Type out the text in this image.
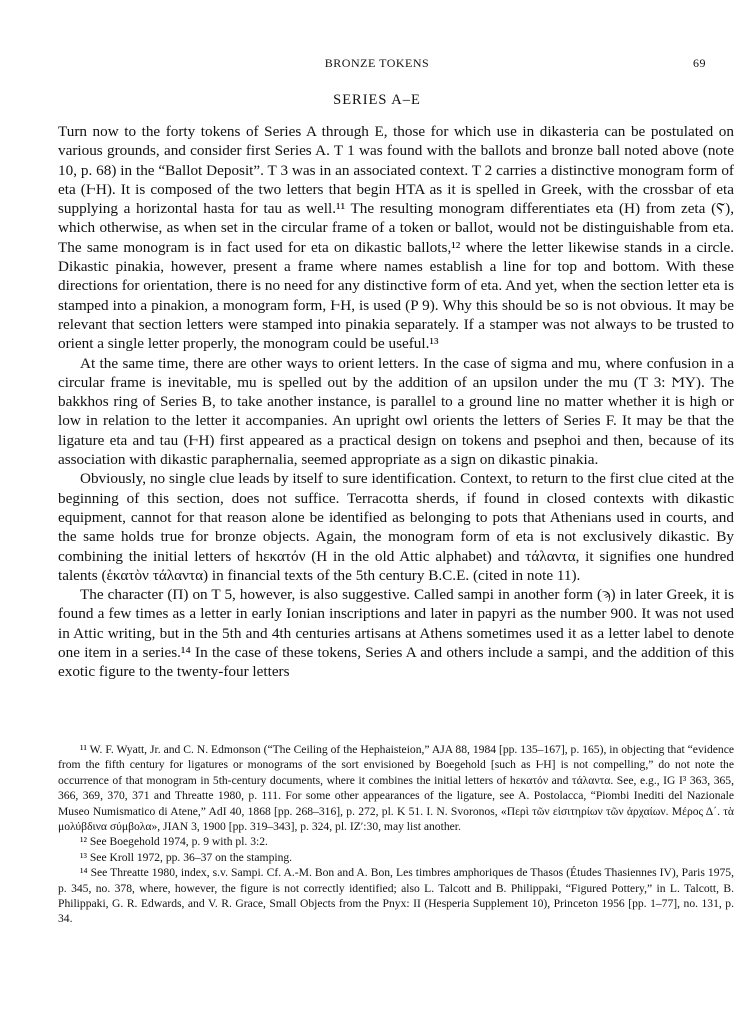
BRONZE TOKENS	69
SERIES A–E

Turn now to the forty tokens of Series A through E, those for which use in dikasteria can be postulated on various grounds, and consider first Series A. T 1 was found with the ballots and bronze ball noted above (note 10, p. 68) in the “Ballot Deposit”. T 3 was in an associated context. T 2 carries a distinctive monogram form of eta (ⱵΗ). It is composed of the two letters that begin HTA as it is spelled in Greek, with the crossbar of eta supplying a horizontal hasta for tau as well.¹¹ The resulting monogram differentiates eta (H) from zeta (Ⲋ), which otherwise, as when set in the circular frame of a token or ballot, would not be distinguishable from eta. The same monogram is in fact used for eta on dikastic ballots,¹² where the letter likewise stands in a circle. Dikastic pinakia, however, present a frame where names establish a line for top and bottom. With these directions for orientation, there is no need for any distinctive form of eta. And yet, when the section letter eta is stamped into a pinakion, a monogram form, ⱵΗ, is used (P 9). Why this should be so is not obvious. It may be relevant that section letters were stamped into pinakia separately. If a stamper was not always to be trusted to orient a single letter properly, the monogram could be useful.¹³

At the same time, there are other ways to orient letters. In the case of sigma and mu, where confusion in a circular frame is inevitable, mu is spelled out by the addition of an upsilon under the mu (T 3: ϺY). The bakkhos ring of Series B, to take another instance, is parallel to a ground line no matter whether it is high or low in relation to the letter it accompanies. An upright owl orients the letters of Series F. It may be that the ligature eta and tau (ⱵΗ) first appeared as a practical design on tokens and psephoi and then, because of its association with dikastic paraphernalia, seemed appropriate as a sign on dikastic pinakia.

Obviously, no single clue leads by itself to sure identification. Context, to return to the first clue cited at the beginning of this section, does not suffice. Terracotta sherds, if found in closed contexts with dikastic equipment, cannot for that reason alone be identified as belonging to pots that Athenians used in courts, and the same holds true for bronze objects. Again, the monogram form of eta is not exclusively dikastic. By combining the initial letters of hεκατόν (H in the old Attic alphabet) and τάλαντα, it signifies one hundred talents (ἑκατὸν τάλαντα) in financial texts of the 5th century B.C.E. (cited in note 11).

The character (Π) on T 5, however, is also suggestive. Called sampi in another form (ϡ) in later Greek, it is found a few times as a letter in early Ionian inscriptions and later in papyri as the number 900. It was not used in Attic writing, but in the 5th and 4th centuries artisans at Athens sometimes used it as a letter label to denote one item in a series.¹⁴ In the case of these tokens, Series A and others include a sampi, and the addition of this exotic figure to the twenty-four letters

¹¹ W. F. Wyatt, Jr. and C. N. Edmonson (“The Ceiling of the Hephaisteion,” AJA 88, 1984 [pp. 135–167], p. 165), in objecting that “evidence from the fifth century for ligatures or monograms of the sort envisioned by Boegehold [such as ⱵΗ] is not compelling,” do not note the occurrence of that monogram in 5th-century documents, where it combines the initial letters of hεκατόν and τάλαντα. See, e.g., IG I³ 363, 365, 366, 369, 370, 371 and Threatte 1980, p. 111. For some other appearances of the ligature, see A. Postolacca, “Piombi Inediti del Nazionale Museo Numismatico di Atene,” AdI 40, 1868 [pp. 268–316], p. 272, pl. K 51. I. N. Svoronos, «Περὶ τῶν εἰσιτηρίων τῶν ἀρχαίων. Μέρος Δ΄. τὰ μολύβδινα σύμβολα», JIAN 3, 1900 [pp. 319–343], p. 324, pl. IZ′:30, may list another.

¹² See Boegehold 1974, p. 9 with pl. 3:2.

¹³ See Kroll 1972, pp. 36–37 on the stamping.

¹⁴ See Threatte 1980, index, s.v. Sampi. Cf. A.-M. Bon and A. Bon, Les timbres amphoriques de Thasos (Études Thasiennes IV), Paris 1975, p. 345, no. 378, where, however, the figure is not correctly identified; also L. Talcott and B. Philippaki, “Figured Pottery,” in L. Talcott, B. Philippaki, G. R. Edwards, and V. R. Grace, Small Objects from the Pnyx: II (Hesperia Supplement 10), Princeton 1956 [pp. 1–77], no. 131, p. 34.
